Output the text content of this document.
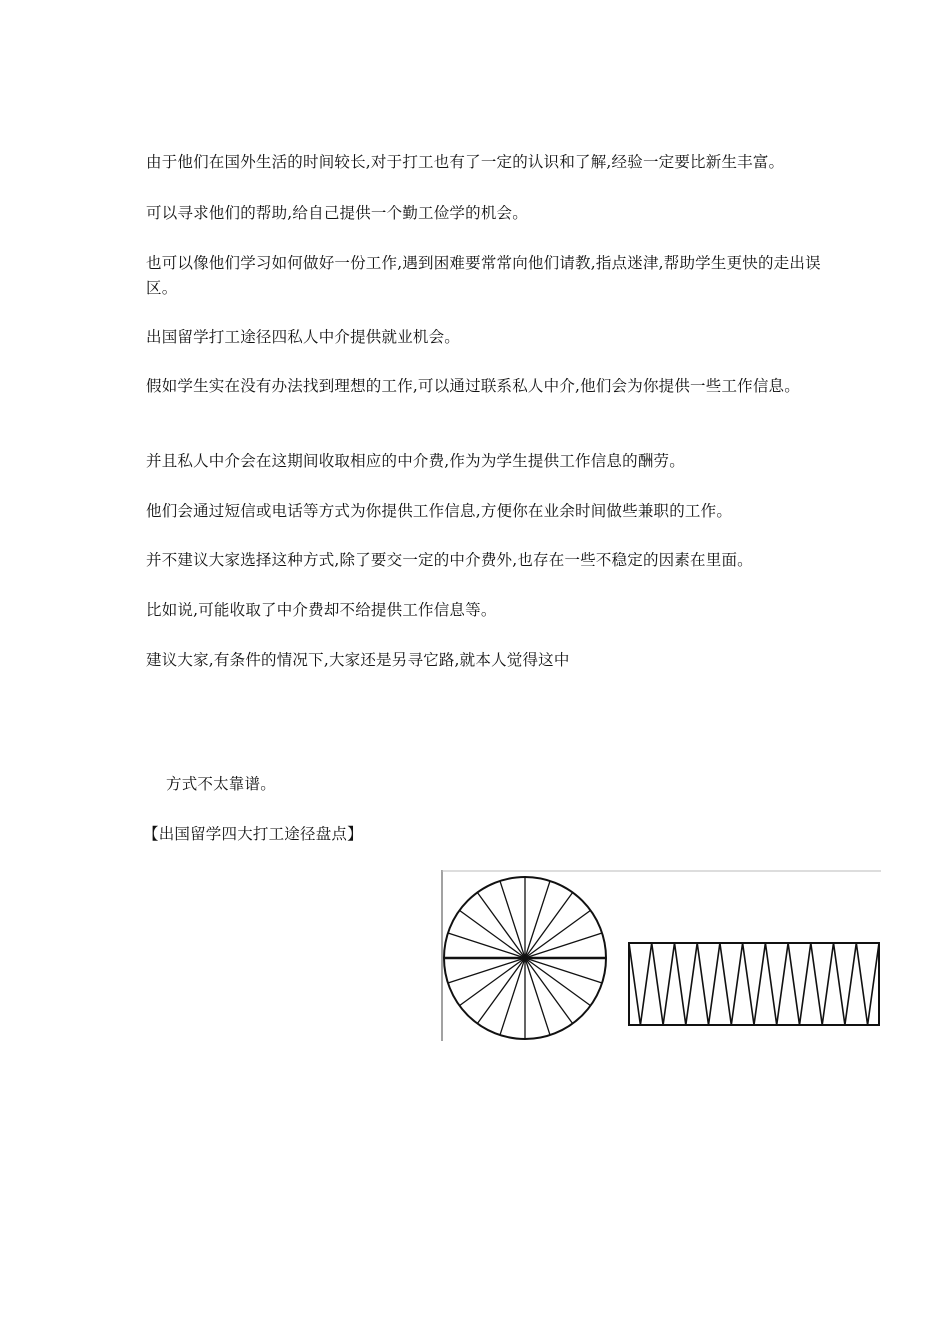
由于他们在国外生活的时间较长,对于打工也有了一定的认识和了解,经验一定要比新生丰富。

可以寻求他们的帮助,给自己提供一个勤工俭学的机会。

也可以像他们学习如何做好一份工作,遇到困难要常常向他们请教,指点迷津,帮助学生更快的走出误区。

出国留学打工途径四私人中介提供就业机会。

假如学生实在没有办法找到理想的工作,可以通过联系私人中介,他们会为你提供一些工作信息。

并且私人中介会在这期间收取相应的中介费,作为为学生提供工作信息的酬劳。

他们会通过短信或电话等方式为你提供工作信息,方便你在业余时间做些兼职的工作。

并不建议大家选择这种方式,除了要交一定的中介费外,也存在一些不稳定的因素在里面。

比如说,可能收取了中介费却不给提供工作信息等。

建议大家,有条件的情况下,大家还是另寻它路,就本人觉得这中

方式不太靠谱。

【出国留学四大打工途径盘点】
